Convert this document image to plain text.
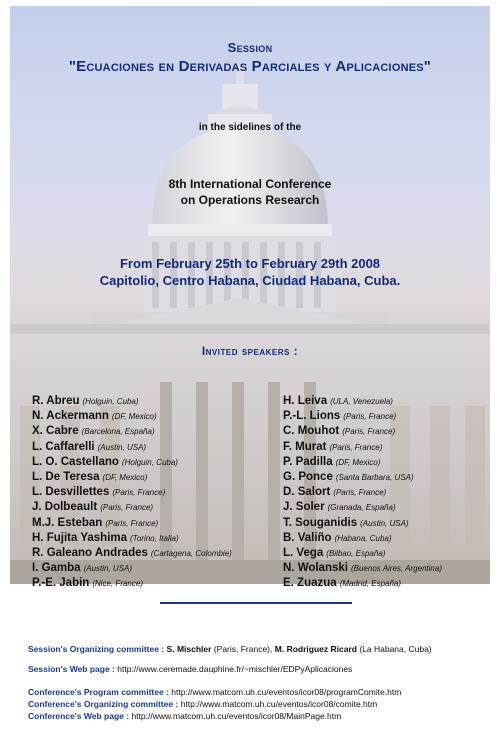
Session
"Ecuaciones en Derivadas Parciales y Aplicaciones"
in the sidelines of the
8th International Conference
on Operations Research
From February 25th to February 29th 2008
Capitolio, Centro Habana, Ciudad Habana, Cuba.
Invited speakers :
R. Abreu (Holguin, Cuba)
N. Ackermann (DF, Mexico)
X. Cabre (Barcelona, España)
L. Caffarelli (Austin, USA)
L. O. Castellano (Holguin, Cuba)
L. De Teresa (DF, Mexico)
L. Desvillettes (Paris, France)
J. Dolbeault (Paris, France)
M.J. Esteban (Paris, France)
H. Fujita Yashima (Torino, Italia)
R. Galeano Andrades (Cartagena, Colombie)
I. Gamba (Austin, USA)
P.-E. Jabin (Nice, France)
H. Leiva (ULA, Venezuela)
P.-L. Lions (Paris, France)
C. Mouhot (Paris, France)
F. Murat (Paris, France)
P. Padilla (DF, Mexico)
G. Ponce (Santa Barbara, USA)
D. Salort (Paris, France)
J. Soler (Granada, España)
T. Souganidis (Austin, USA)
B. Valiño (Habana, Cuba)
L. Vega (Bilbao, España)
N. Wolanski (Buenos Aires, Argentina)
E. Zuazua (Madrid, España)

Session's Organizing committee : S. Mischler (Paris, France), M. Rodriguez Ricard (La Habana, Cuba)

Session's Web page : http://www.ceremade.dauphine.fr/~mischler/EDPyAplicaciones

Conference's Program committee : http://www.matcom.uh.cu/eventos/icor08/programComite.htm

Conference's Organizing committee : http://www.matcom.uh.cu/eventos/icor08/comite.htm

Conference's Web page : http://www.matcom.uh.cu/eventos/icor08/MainPage.htm
